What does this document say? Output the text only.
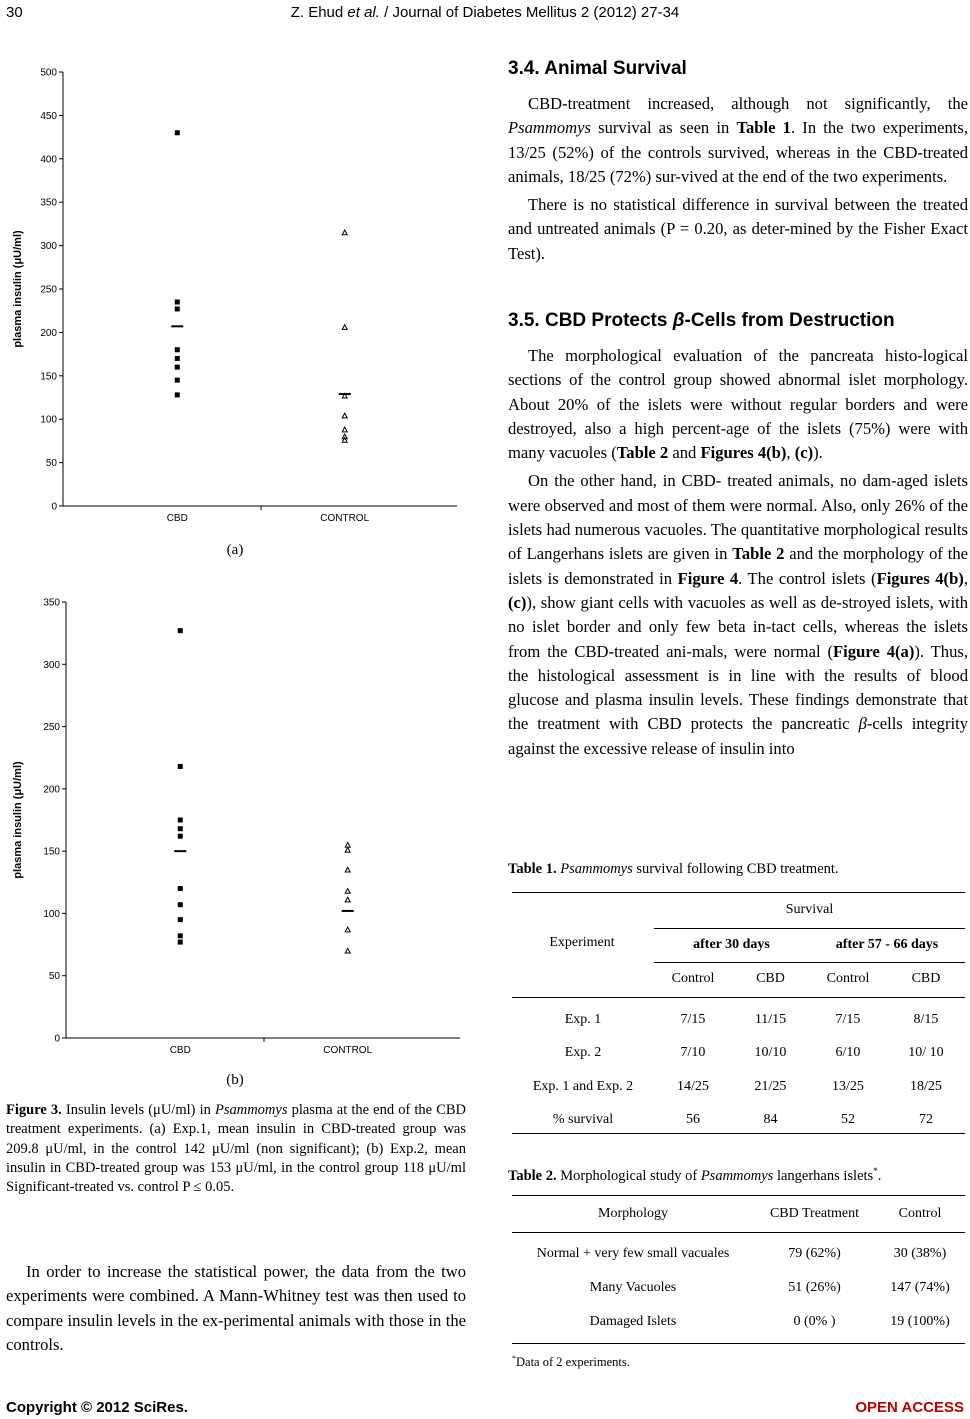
30	Z. Ehud et al. / Journal of Diabetes Mellitus 2 (2012) 27-34
0
50
100
150
200
250
300
350
400
450
500
CBD	CONTROL
plasma insulin (μU/ml)
(a)
0
50
100
150
200
250
300
350
CBD	CONTROL
plasma insulin (μU/ml)
(b)
Figure 3. Insulin levels (μU/ml) in Psammomys plasma at the end of the CBD treatment experiments. (a) Exp.1, mean insulin in CBD-treated group was 209.8 μU/ml, in the control 142 μU/ml (non significant); (b) Exp.2, mean insulin in CBD-treated group was 153 μU/ml, in the control group 118 μU/ml Significant-treated vs. control P ≤ 0.05.

In order to increase the statistical power, the data from the two experiments were combined. A Mann-Whitney test was then used to compare insulin levels in the ex-perimental animals with those in the controls.

3.4. Animal Survival

CBD-treatment increased, although not significantly, the Psammomys survival as seen in Table 1. In the two experiments, 13/25 (52%) of the controls survived, whereas in the CBD-treated animals, 18/25 (72%) sur-vived at the end of the two experiments.

There is no statistical difference in survival between the treated and untreated animals (P = 0.20, as deter-mined by the Fisher Exact Test).

3.5. CBD Protects β-Cells from Destruction

The morphological evaluation of the pancreata histo-logical sections of the control group showed abnormal islet morphology. About 20% of the islets were without regular borders and were destroyed, also a high percent-age of the islets (75%) were with many vacuoles (Table 2 and Figures 4(b), (c)).

On the other hand, in CBD- treated animals, no dam-aged islets were observed and most of them were normal. Also, only 26% of the islets had numerous vacuoles. The quantitative morphological results of Langerhans islets are given in Table 2 and the morphology of the islets is demonstrated in Figure 4. The control islets (Figures 4(b), (c)), show giant cells with vacuoles as well as de-stroyed islets, with no islet border and only few beta in-tact cells, whereas the islets from the CBD-treated ani-mals, were normal (Figure 4(a)). Thus, the histological assessment is in line with the results of blood glucose and plasma insulin levels. These findings demonstrate that the treatment with CBD protects the pancreatic β-cells integrity against the excessive release of insulin into

Table 1. Psammomys survival following CBD treatment.
Experiment
Survival
after 30 days	after 57 - 66 days
Control	CBD	Control	CBD
Exp. 1	7/15	11/15	7/15	8/15
Exp. 2	7/10	10/10	6/10	10/ 10
Exp. 1 and Exp. 2	14/25	21/25	13/25	18/25
% survival	56	84	52	72
Table 2. Morphological study of Psammomys langerhans islets*.
Morphology	CBD Treatment	Control
Normal + very few small vacuales	79 (62%)	30 (38%)
Many Vacuoles	51 (26%)	147 (74%)
Damaged Islets	0 (0% )	19 (100%)
*Data of 2 experiments.
Copyright © 2012 SciRes.	OPEN ACCESS
